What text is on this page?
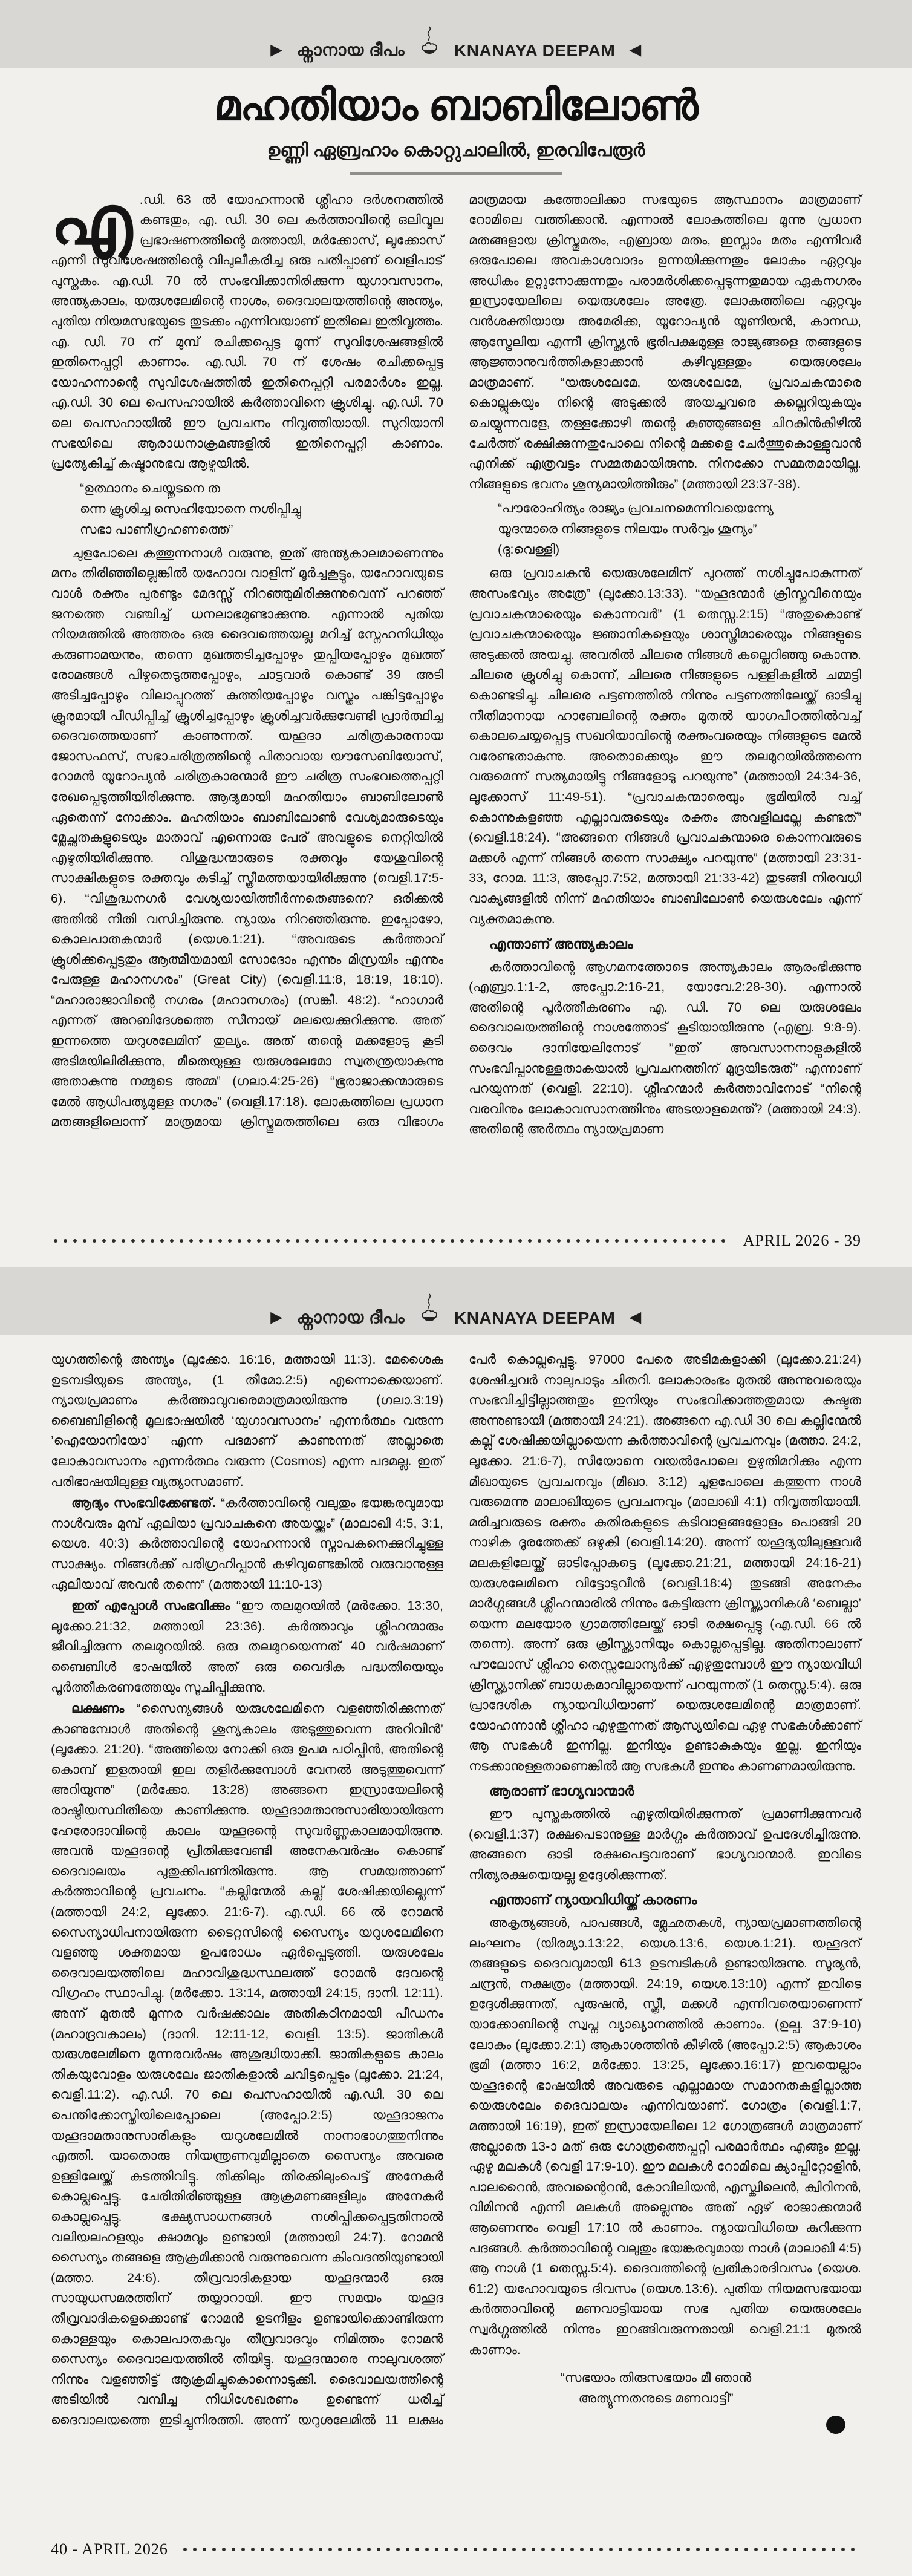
▶ ക്നാനായ ദീപം	KNANAYA DEEPAM ◀
മഹതിയാം ബാബിലോൺ
ഉണ്ണി ഏബ്രഹാം കൊറ്റുചാലിൽ, ഇരവിപേരൂർ

എ .ഡി. 63 ൽ യോഹന്നാൻ ശ്ലീഹാ ദർശനത്തിൽ കണ്ടതും, എ. ഡി. 30 ലെ കർത്താവിന്റെ ഒലിവ്മല പ്രഭാഷണത്തിന്റെ മത്തായി, മർക്കോസ്, ലൂക്കോസ് എന്നീ സുവിശേഷത്തിന്റെ വിപുലീകരിച്ച ഒരു പതിപ്പാണ് വെളിപാട് പുസ്തകം. എ.ഡി. 70 ൽ സംഭവിക്കാനിരിക്കുന്ന യുഗാവസാനം, അന്ത്യകാലം, യരുശലേമിന്റെ നാശം, ദൈവാലയത്തിന്റെ അന്ത്യം, പുതിയ നിയമസഭയുടെ തുടക്കം എന്നിവയാണ് ഇതിലെ ഇതിവൃത്തം. എ. ഡി. 70 ന് മുമ്പ് രചിക്കപ്പെട്ട മൂന്ന് സുവിശേഷങ്ങളിൽ ഇതിനെപ്പറ്റി കാണാം. എ.ഡി. 70 ന് ശേഷം രചിക്കപ്പെട്ട യോഹന്നാന്റെ സുവിശേഷത്തിൽ ഇതിനെപ്പറ്റി പരമാർശം ഇല്ല. എ.ഡി. 30 ലെ പെസഹായിൽ കർത്താവിനെ ക്രൂശിച്ചു. എ.ഡി. 70 ലെ പെസഹായിൽ ഈ പ്രവചനം നിവൃത്തിയായി. സുറിയാനി സഭയിലെ ആരാധനാക്രമങ്ങളിൽ ഇതിനെപ്പറ്റി കാണാം. പ്രത്യേകിച്ച് കഷ്ടാനുഭവ ആഴ്ചയിൽ.

“ഉത്ഥാനം ചെയ്തുടനെ ത
ന്നെ ക്രൂശിച്ച സെഹിയോനെ നശിപ്പിച്ചു
സഭാ പാണീഗ്രഹണത്തെ”

ചുളപോലെ കത്തുന്നനാൾ വരുന്നു, ഇത് അന്ത്യകാലമാണെന്നും മനം തിരിഞ്ഞില്ലെങ്കിൽ യഹോവ വാളിന് മൂർച്ചകൂട്ടും, യഹോവയുടെ വാൾ രക്തം പുരണ്ടും മേദസ്സ് നിറഞ്ഞുമിരിക്കുന്നുവെന്ന് പറഞ്ഞ് ജനത്തെ വഞ്ചിച്ച് ധനലാഭമുണ്ടാക്കുന്നു. എന്നാൽ പുതിയ നിയമത്തിൽ അത്തരം ഒരു ദൈവത്തെയല്ല മറിച്ച് സ്നേഹനിധിയും കരുണാമയനും, തന്നെ മുഖത്തടിച്ചപ്പോഴും തുപ്പിയപ്പോഴും മുഖത്ത് രോമങ്ങൾ പിഴുതെടുത്തപ്പോഴും, ചാട്ടവാർ കൊണ്ട് 39 അടി അടിച്ചപ്പോഴും വിലാപ്പുറത്ത് കുത്തിയപ്പോഴും വസ്ത്രം പങ്കിട്ടപ്പോഴും ക്രൂരമായി പീഡിപ്പിച്ച് ക്രൂശിച്ചപ്പോഴും ക്രൂശിച്ചവർക്കുവേണ്ടി പ്രാർത്ഥിച്ച ദൈവത്തെയാണ് കാണുന്നത്. യഹൂദാ ചരിത്രകാരനായ ജോസഫസ്, സഭാചരിത്രത്തിന്റെ പിതാവായ യൗസേബിയോസ്, റോമൻ യൂറോപ്യൻ ചരിത്രകാരന്മാർ ഈ ചരിത്ര സംഭവത്തെപ്പറ്റി രേഖപ്പെടുത്തിയിരിക്കുന്നു. ആദ്യമായി മഹതിയാം ബാബിലോൺ ഏതെന്ന് നോക്കാം. മഹതിയാം ബാബിലോൺ വേശ്യമാരുടെയും മ്ലേച്ഛതകളുടെയും മാതാവ് എന്നൊരു പേര് അവളുടെ നെറ്റിയിൽ എഴുതിയിരിക്കുന്നു. വിശുദ്ധന്മാരുടെ രക്തവും യേശുവിന്റെ സാക്ഷികളുടെ രക്തവും കുടിച്ച് സ്ത്രീമത്തയായിരിക്കുന്നു (വെളി.17:5-6). “വിശുദ്ധനഗർ വേശ്യയായിത്തീർന്നതെങ്ങനെ? ഒരിക്കൽ അതിൽ നീതി വസിച്ചിരുന്നു. ന്യായം നിറഞ്ഞിരുന്നു. ഇപ്പോഴോ, കൊലപാതകന്മാർ (യെശ.1:21). “അവരുടെ കർത്താവ് ക്രൂശിക്കപ്പെട്ടതും ആത്മീയമായി സോദോം എന്നും മിസ്രയിം എന്നും പേരുള്ള മഹാനഗരം” (Great City) (വെളി.11:8, 18:19, 18:10). “മഹാരാജാവിന്റെ നഗരം (മഹാനഗരം) (സങ്കീ. 48:2). “ഹാഗാർ എന്നത് അറബിദേശത്തെ സീനായ് മലയെക്കുറിക്കുന്നു. അത് ഇന്നത്തെ യറുശലേമിന് തുല്യം. അത് തന്റെ മക്കളോടു കൂടി അടിമയിലിരിക്കുന്നു, മീതെയുള്ള യരുശലേമോ സ്വതന്ത്രയാകുന്നു അതാകുന്നു നമ്മുടെ അമ്മ” (ഗലാ.4:25-26) “ഭൂരാജാക്കന്മാരുടെ മേൽ ആധിപത്യമുള്ള നഗരം” (വെളി.17:18). ലോകത്തിലെ പ്രധാന മതങ്ങളിലൊന്ന് മാത്രമായ ക്രിസ്തുമതത്തിലെ ഒരു വിഭാഗം മാത്രമായ കത്തോലിക്കാ സഭയുടെ ആസ്ഥാനം മാത്രമാണ് റോമിലെ വത്തിക്കാൻ. എന്നാൽ ലോകത്തിലെ മൂന്നു പ്രധാന മതങ്ങളായ ക്രിസ്തുമതം, എബ്രായ മതം, ഇസ്ലാം മതം എന്നിവർ ഒരുപോലെ അവകാശവാദം ഉന്നയിക്കുന്നതും ലോകം ഏറ്റവും അധികം ഉറ്റുനോക്കുന്നതും പരാമർശിക്കപ്പെടുന്നതുമായ ഏകനഗരം ഇസ്രായേലിലെ യെരുശലേം അത്രേ. ലോകത്തിലെ ഏറ്റവും വൻശക്തിയായ അമേരിക്ക, യൂറോപ്യൻ യൂണിയൻ, കാനഡ, ആസ്ട്രേലിയ എന്നീ ക്രിസ്ത്യൻ ഭൂരിപക്ഷമുള്ള രാജ്യങ്ങളെ തങ്ങളുടെ ആജ്ഞാനുവർത്തികളാക്കാൻ കഴിവുള്ളതും യെരുശലേം മാത്രമാണ്. “യരുശലേമേ, യരുശലേമേ, പ്രവാചകന്മാരെ കൊല്ലുകയും നിന്റെ അടുക്കൽ അയച്ചവരെ കല്ലെറിയുകയും ചെയ്യുന്നവളേ, തള്ളക്കോഴി തന്റെ കുഞ്ഞുങ്ങളെ ചിറകിൻകീഴിൽ ചേർത്ത് രക്ഷിക്കുന്നതുപോലെ നിന്റെ മക്കളെ ചേർത്തുകൊള്ളുവാൻ എനിക്ക് എത്രവട്ടം സമ്മതമായിരുന്നു. നിനക്കോ സമ്മതമായില്ല. നിങ്ങളുടെ ഭവനം ശൂന്യമായിത്തീരും” (മത്തായി 23:37-38).

“പൗരോഹിത്യം രാജ്യം പ്രവചനമെന്നിവയെന്ന്യേ
യൂദന്മാരെ നിങ്ങളുടെ നിലയം സർവ്വം ശൂന്യം”
(ദു:വെള്ളി)

ഒരു പ്രവാചകൻ യെരുശലേമിന് പുറത്ത് നശിച്ചുപോകുന്നത് അസംഭവ്യം അത്രേ” (ലൂക്കോ.13:33). “യഹൂദന്മാർ ക്രിസ്തുവിനെയും പ്രവാചകന്മാരെയും കൊന്നവർ” (1 തെസ്സ.2:15) “അതുകൊണ്ട് പ്രവാചകന്മാരെയും ജ്ഞാനികളെയും ശാസ്ത്രിമാരെയും നിങ്ങളുടെ അടുക്കൽ അയച്ചു. അവരിൽ ചിലരെ നിങ്ങൾ കല്ലെറിഞ്ഞു കൊന്നു. ചിലരെ ക്രൂശിച്ചു കൊന്ന്, ചിലരെ നിങ്ങളുടെ പള്ളികളിൽ ചമ്മട്ടി കൊണ്ടടിച്ചു. ചിലരെ പട്ടണത്തിൽ നിന്നും പട്ടണത്തിലേയ്ക്ക് ഓടിച്ചു നീതിമാനായ ഹാബേലിന്റെ രക്തം മുതൽ യാഗപീഠത്തിൽവച്ച് കൊലചെയ്യപ്പെട്ട സഖറിയാവിന്റെ രക്തംവരെയും നിങ്ങളുടെ മേൽ വരേണ്ടതാകുന്നു. അതൊക്കെയും ഈ തലമുറയിൽത്തന്നെ വരുമെന്ന് സത്യമായിട്ടു നിങ്ങളോടു പറയുന്നു” (മത്തായി 24:34-36, ലൂക്കോസ് 11:49-51). “പ്രവാചകന്മാരെയും ഭൂമിയിൽ വച്ച് കൊന്നുകളഞ്ഞ എല്ലാവരുടെയും രക്തം അവളിലല്ലേ കണ്ടത്” (വെളി.18:24). “അങ്ങനെ നിങ്ങൾ പ്രവാചകന്മാരെ കൊന്നവരുടെ മക്കൾ എന്ന് നിങ്ങൾ തന്നെ സാക്ഷ്യം പറയുന്നു” (മത്തായി 23:31-33, റോമ. 11:3, അപ്പോ.7:52, മത്തായി 21:33-42) തുടങ്ങി നിരവധി വാക്യങ്ങളിൽ നിന്ന് മഹതിയാം ബാബിലോൺ യെരുശലേം എന്ന് വ്യക്തമാകുന്നു.

എന്താണ് അന്ത്യകാലം

കർത്താവിന്റെ ആഗമനത്തോടെ അന്ത്യകാലം ആരംഭിക്കുന്നു (എബ്രാ.1:1-2, അപ്പോ.2:16-21, യോവേ.2:28-30). എന്നാൽ അതിന്റെ പൂർത്തീകരണം എ. ഡി. 70 ലെ യരുശലേം ദൈവാലയത്തിന്റെ നാശത്തോട് കൂടിയായിരുന്നു (എബ്ര. 9:8-9). ദൈവം ദാനിയേലിനോട് ”ഇത് അവസാനനാളുകളിൽ സംഭവിപ്പാനുള്ളതാകയാൽ പ്രവചനത്തിന് മുദ്രയിടരുത്” എന്നാണ് പറയുന്നത് (വെളി. 22:10). ശ്ലീഹന്മാർ കർത്താവിനോട് “നിന്റെ വരവിനും ലോകാവസാനത്തിനും അടയാളമെന്ത്? (മത്തായി 24:3). അതിന്റെ അർത്ഥം ന്യായപ്രമാണ

APRIL 2026 - 39
▶ ക്നാനായ ദീപം	KNANAYA DEEPAM ◀

യുഗത്തിന്റെ അന്ത്യം (ലൂക്കോ. 16:16, മത്തായി 11:3). മേശൈക ഉടമ്പടിയുടെ അന്ത്യം, (1 തീമോ.2:5) എന്നൊക്കെയാണ്. ന്യായപ്രമാണം കർത്താവുവരെമാത്രമായിരുന്നു (ഗലാ.3:19) ബൈബിളിന്റെ മൂലഭാഷയിൽ ‘യുഗാവസാനം’ എന്നർത്ഥം വരുന്ന ’ഐയോനിയോ’ എന്ന പദമാണ് കാണുന്നത് അല്ലാതെ ലോകാവസാനം എന്നർത്ഥം വരുന്ന (Cosmos) എന്ന പദമല്ല. ഇത് പരിഭാഷയിലുള്ള വ്യത്യാസമാണ്.

ആദ്യം സംഭവിക്കേണ്ടത്. “കർത്താവിന്റെ വലുതും ഭയങ്കരവുമായ നാൾവരും മുമ്പ് ഏലിയാ പ്രവാചകനെ അയയ്ക്കും” (മാലാഖി 4:5, 3:1, യെശ. 40:3) കർത്താവിന്റെ യോഹന്നാൻ സ്നാപകനെക്കുറിച്ചുള്ള സാക്ഷ്യം. നിങ്ങൾക്ക് പരിഗ്രഹിപ്പാൻ കഴിവുണ്ടെങ്കിൽ വരുവാനുള്ള ഏലിയാവ് അവൻ തന്നെ” (മത്തായി 11:10-13)

ഇത് എപ്പോൾ സംഭവിക്കും “ഈ തലമുറയിൽ (മർക്കോ. 13:30, ലൂക്കോ.21:32, മത്തായി 23:36). കർത്താവും ശ്ലീഹന്മാരും ജീവിച്ചിരുന്ന തലമുറയിൽ. ഒരു തലമുറയെന്നത് 40 വർഷമാണ് ബൈബിൾ ഭാഷയിൽ അത് ഒരു വൈദിക പദ്ധതിയെയും പൂർത്തീകരണത്തേയും സൂചിപ്പിക്കുന്നു.

ലക്ഷണം “സൈന്യങ്ങൾ യരുശലേമിനെ വളഞ്ഞിരിക്കുന്നത് കാണുമ്പോൾ അതിന്റെ ശൂന്യകാലം അടുത്തുവെന്ന അറിവീൻ’ (ലൂക്കോ. 21:20). “അത്തിയെ നോക്കി ഒരു ഉപമ പഠിപ്പീൻ, അതിന്റെ കൊമ്പ് ഇളതായി ഇല തളിർക്കുമ്പോൾ വേനൽ അടുത്തുവെന്ന് അറിയുന്നു” (മർക്കോ. 13:28) അങ്ങനെ ഇസ്രായേലിന്റെ രാഷ്ട്രീയസ്ഥിതിയെ കാണിക്കുന്നു. യഹൂദാമതാനുസാരിയായിരുന്ന ഹേരോദാവിന്റെ കാലം യഹൂദന്റെ സുവർണ്ണകാലമായിരുന്നു. അവൻ യഹൂദന്റെ പ്രീതിക്കുവേണ്ടി അനേകവർഷം കൊണ്ട് ദൈവാലയം പുതുക്കിപണിതിരുന്നു. ആ സമയത്താണ് കർത്താവിന്റെ പ്രവചനം. “കല്ലിന്മേൽ കല്ല് ശേഷിക്കയില്ലെന്ന് (മത്തായി 24:2, ലൂക്കോ. 21:6-7). എ.ഡി. 66 ൽ റോമൻ സൈന്യാധിപനായിരുന്ന ടൈറ്റസിന്റെ സൈന്യം യറുശലേമിനെ വളഞ്ഞു ശക്തമായ ഉപരോധം ഏർപ്പെടുത്തി. യരുശലേം ദൈവാലയത്തിലെ മഹാവിശുദ്ധസ്ഥലത്ത് റോമൻ ദേവന്റെ വിഗ്രഹം സ്ഥാപിച്ചു. (മർക്കോ. 13:14, മത്തായി 24:15, ദാനി. 12:11). അന്ന് മുതൽ മുന്നര വർഷക്കാലം അതികഠിനമായി പീഡനം (മഹാദ്രവകാലം) (ദാനി. 12:11-12, വെളി. 13:5). ജാതികൾ യരുശലേമിനെ മൂന്നരവർഷം അശുദ്ധിയാക്കി. ജാതികളുടെ കാലം തികയുവോളം യരുശലേം ജാതികളാൽ ചവിട്ടപ്പെടും (ലൂക്കോ. 21:24, വെളി.11:2). എ.ഡി. 70 ലെ പെസഹായിൽ എ.ഡി. 30 ലെ പെന്തിക്കോസ്തിയിലെപ്പോലെ (അപ്പോ.2:5) യഹൂദാജനം യഹൂദാമതാനുസാരികളും യറുശലേമിൽ നാനാഭാഗത്തുനിന്നും എത്തി. യാതൊരു നിയന്ത്രണവുമില്ലാതെ സൈന്യം അവരെ ഉള്ളിലേയ്ക്ക് കടത്തിവിട്ടു. തിക്കിലും തിരക്കിലുംപെട്ട് അനേകർ കൊല്ലപ്പെട്ടു. ചേരിതിരിഞ്ഞുള്ള ആക്രമണങ്ങളിലും അനേകർ കൊല്ലപ്പെട്ടു. ഭക്ഷ്യസാധനങ്ങൾ നശിപ്പിക്കപ്പെട്ടതിനാൽ വലിയലഹളയും ക്ഷാമവും ഉണ്ടായി (മത്തായി 24:7). റോമൻ സൈന്യം തങ്ങളെ ആക്രമിക്കാൻ വരുന്നുവെന്ന കിംവദന്തിയുണ്ടായി (മത്താ. 24:6). തീവ്രവാദികളായ യഹൂദന്മാർ ഒരു സായുധസമരത്തിന് തയ്യാറായി. ഈ സമയം യഹൂദ തീവ്രവാദികളെക്കൊണ്ട് റോമൻ ഉടനീളം ഉണ്ടായിക്കൊണ്ടിരുന്ന കൊള്ളയും കൊലപാതകവും തീവ്രവാദവും നിമിത്തം റോമൻ സൈന്യം ദൈവാലയത്തിൽ തീയിട്ടു. യഹൂദന്മാരെ നാലുവശത്ത് നിന്നും വളഞ്ഞിട്ട് ആക്രമിച്ചുകൊന്നൊടുക്കി. ദൈവാലയത്തിന്റെ അടിയിൽ വമ്പിച്ച നിധിശേഖരണം ഉണ്ടെന്ന് ധരിച്ച് ദൈവാലയത്തെ ഇടിച്ചുനിരത്തി. അന്ന് യറുശലേമിൽ 11 ലക്ഷം പേർ കൊല്ലപ്പെട്ടു. 97000 പേരെ അടിമകളാക്കി (ലൂക്കോ.21:24) ശേഷിച്ചവർ നാലുപാടും ചിതറി. ലോകാരംഭം മുതൽ അന്നുവരെയും സംഭവിച്ചിട്ടില്ലാത്തതും ഇനിയും സംഭവിക്കാത്തതുമായ കഷ്ടത അന്നുണ്ടായി (മത്തായി 24:21). അങ്ങനെ എ.ഡി 30 ലെ കല്ലിന്മേൽ കല്ല് ശേഷിക്കയില്ലായെന്ന കർത്താവിന്റെ പ്രവചനവും (മത്താ. 24:2, ലൂക്കോ. 21:6-7), സീയോനെ വയൽപോലെ ഉഴുതിമറിക്കും എന്ന മീഖായുടെ പ്രവചനവും (മീഖാ. 3:12) ചൂളപോലെ കത്തുന്ന നാൾ വരുമെന്നു മാലാഖിയുടെ പ്രവചനവും (മാലാഖി 4:1) നിവൃത്തിയായി. മരിച്ചവരുടെ രക്തം കുതിരകളുടെ കടിവാളങ്ങളോളം പൊങ്ങി 20 നാഴിക ദൂരത്തേക്ക് ഒഴുകി (വെളി.14:20). അന്ന് യഹൂദ്യയിലുള്ളവർ മലകളിലേയ്ക്ക് ഓടിപ്പോകട്ടെ (ലൂക്കോ.21:21, മത്തായി 24:16-21) യരുശലേമിനെ വിട്ടോടുവീൻ (വെളി.18:4) തുടങ്ങി അനേകം മാർഗ്ഗങ്ങൾ ശ്ലീഹന്മാരിൽ നിന്നും കേട്ടിരുന്ന ക്രിസ്ത്യാനികൾ ‘ബെല്ലാ’ യെന്ന മലയോര ഗ്രാമത്തിലേയ്ക്ക് ഓടി രക്ഷപ്പെട്ടു (എ.ഡി. 66 ൽ തന്നെ). അന്ന് ഒരു ക്രിസ്ത്യാനിയും കൊല്ലപ്പെട്ടില്ല. അതിനാലാണ് പൗലോസ് ശ്ലീഹാ തെസ്സലോന്യർക്ക് എഴുതുമ്പോൾ ഈ ന്യായവിധി ക്രിസ്ത്യാനിക്ക് ബാധകമാവില്ലായെന്ന് പറയുന്നത് (1 തെസ്സ.5:4). ഒരു പ്രാദേശിക ന്യായവിധിയാണ് യെരുശലേമിന്റെ മാത്രമാണ്. യോഹന്നാൻ ശ്ലീഹാ എഴുതുന്നത് ആസ്യയിലെ ഏഴു സഭകൾക്കാണ് ആ സഭകൾ ഇന്നില്ല. ഇനിയും ഉണ്ടാകുകയും ഇല്ല. ഇനിയും നടക്കാനുള്ളതാണെങ്കിൽ ആ സഭകൾ ഇന്നും കാണണമായിരുന്നു.

ആരാണ് ഭാഗ്യവാന്മാർ

ഈ പുസ്തകത്തിൽ എഴുതിയിരിക്കുന്നത് പ്രമാണിക്കുന്നവർ (വെളി.1:37) രക്ഷപെടാനുള്ള മാർഗ്ഗം കർത്താവ് ഉപദേശിച്ചിരുന്നു. അങ്ങനെ ഓടി രക്ഷപെട്ടവരാണ് ഭാഗ്യവാന്മാർ. ഇവിടെ നിത്യരക്ഷയെയല്ല ഉദ്ദേശിക്കുന്നത്.

എന്താണ് ന്യായവിധിയ്ക്ക് കാരണം

അകൃത്യങ്ങൾ, പാപങ്ങൾ, മ്ലേഛതകൾ, ന്യായപ്രമാണത്തിന്റെ ലംഘനം (യിരമ്യാ.13:22, യെശ.13:6, യെശ.1:21). യഹൂദന് തങ്ങളുടെ ദൈവവുമായി 613 ഉടമ്പടികൾ ഉണ്ടായിരുന്നു. സൂര്യൻ, ചന്ദ്രൻ, നക്ഷത്രം (മത്തായി. 24:19, യെശ.13:10) എന്ന് ഇവിടെ ഉദ്ദേശിക്കുന്നത്, പുരുഷൻ, സ്ത്രീ, മക്കൾ എന്നിവരെയാണെന്ന് യാക്കോബിന്റെ സ്വപ്ന വ്യാഖ്യാനത്തിൽ കാണാം. (ഉല്പ. 37:9-10) ലോകം (ലൂക്കോ.2:1) ആകാശത്തിൻ കീഴിൽ (അപ്പോ.2:5) ആകാശം ഭൂമി (മത്താ 16:2, മർക്കോ. 13:25, ലൂക്കോ.16:17) ഇവയെല്ലാം യഹൂദന്റെ ഭാഷയിൽ അവരുടെ എല്ലാമായ സമാനതകളില്ലാത്ത യെരുശലേം ദൈവാലയം എന്നിവയാണ്. ഗോത്രം (വെളി.1:7, മത്തായി 16:19), ഇത് ഇസ്രായേലിലെ 12 ഗോത്രങ്ങൾ മാത്രമാണ് അല്ലാതെ 13-ാ മത് ഒരു ഗോത്രത്തെപ്പറ്റി പരമാർത്ഥം എങ്ങും ഇല്ല. ഏഴു മലകൾ (വെളി 17:9-10). ഈ മലകൾ റോമിലെ ക്യാപ്പിറ്റോളിൻ, പാലറൈൻ, അവന്റൈറൻ, കോവിലിയൻ, എസ്ക്വിലെൻ, ക്വിറിനൻ, വിമിനൻ എന്നീ മലകൾ അല്ലെന്നും അത് ഏഴ് രാജാക്കന്മാർ ആണെന്നും വെളി 17:10 ൽ കാണാം. ന്യായവിധിയെ കുറിക്കുന്ന പദങ്ങൾ. കർത്താവിന്റെ വലുതും ഭയങ്കരവുമായ നാൾ (മാലാഖി 4:5) ആ നാൾ (1 തെസ്സ.5:4). ദൈവത്തിന്റെ പ്രതികാരദിവസം (യെശ. 61:2) യഹോവയുടെ ദിവസം (യെശ.13:6). പുതിയ നിയമസഭയായ കർത്താവിന്റെ മണവാട്ടിയായ സഭ പുതിയ യെരുശലേം സ്വർഗ്ഗത്തിൽ നിന്നും ഇറങ്ങിവരുന്നതായി വെളി.21:1 മുതൽ കാണാം.

“സഭയാം തിരുസഭയാം മീ ഞാൻ
അത്യുന്നതനുടെ മണവാട്ടി”
40 - APRIL 2026
